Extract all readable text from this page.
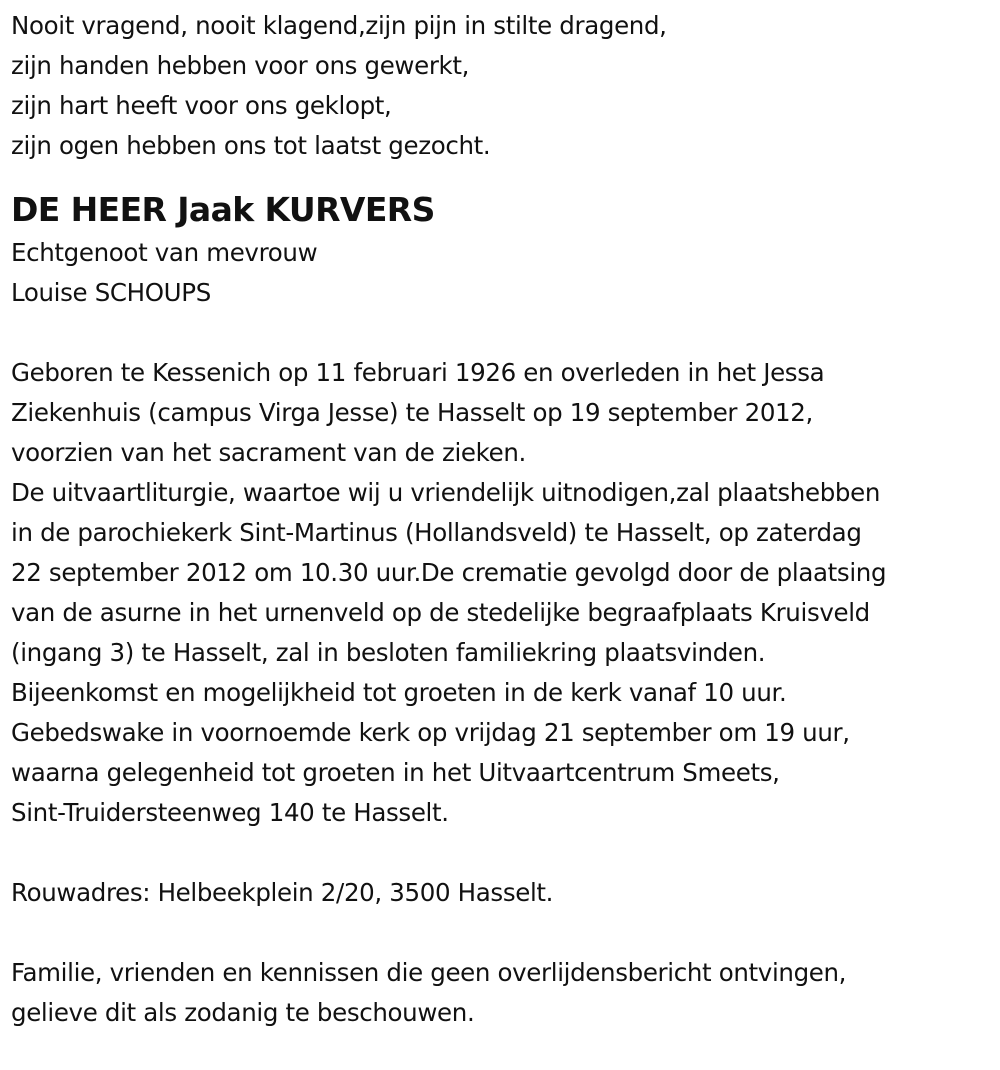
Nooit vragend, nooit klagend,zijn pijn in stilte dragend,
zijn handen hebben voor ons gewerkt,
zijn hart heeft voor ons geklopt,
zijn ogen hebben ons tot laatst gezocht.
DE HEER Jaak KURVERS
Echtgenoot van mevrouw
Louise SCHOUPS
Geboren te Kessenich op 11 februari 1926 en overleden in het Jessa
Ziekenhuis (campus Virga Jesse) te Hasselt op 19 september 2012,
voorzien van het sacrament van de zieken.
De uitvaartliturgie, waartoe wij u vriendelijk uitnodigen,zal plaatshebben
in de parochiekerk Sint-Martinus (Hollandsveld) te Hasselt, op zaterdag
22 september 2012 om 10.30 uur.De crematie gevolgd door de plaatsing
van de asurne in het urnenveld op de stedelijke begraafplaats Kruisveld
(ingang 3) te Hasselt, zal in besloten familiekring plaatsvinden.
Bijeenkomst en mogelijkheid tot groeten in de kerk vanaf 10 uur.
Gebedswake in voornoemde kerk op vrijdag 21 september om 19 uur,
waarna gelegenheid tot groeten in het Uitvaartcentrum Smeets,
Sint-Truidersteenweg 140 te Hasselt.
Rouwadres: Helbeekplein 2/20, 3500 Hasselt.
Familie, vrienden en kennissen die geen overlijdensbericht ontvingen,
gelieve dit als zodanig te beschouwen.
